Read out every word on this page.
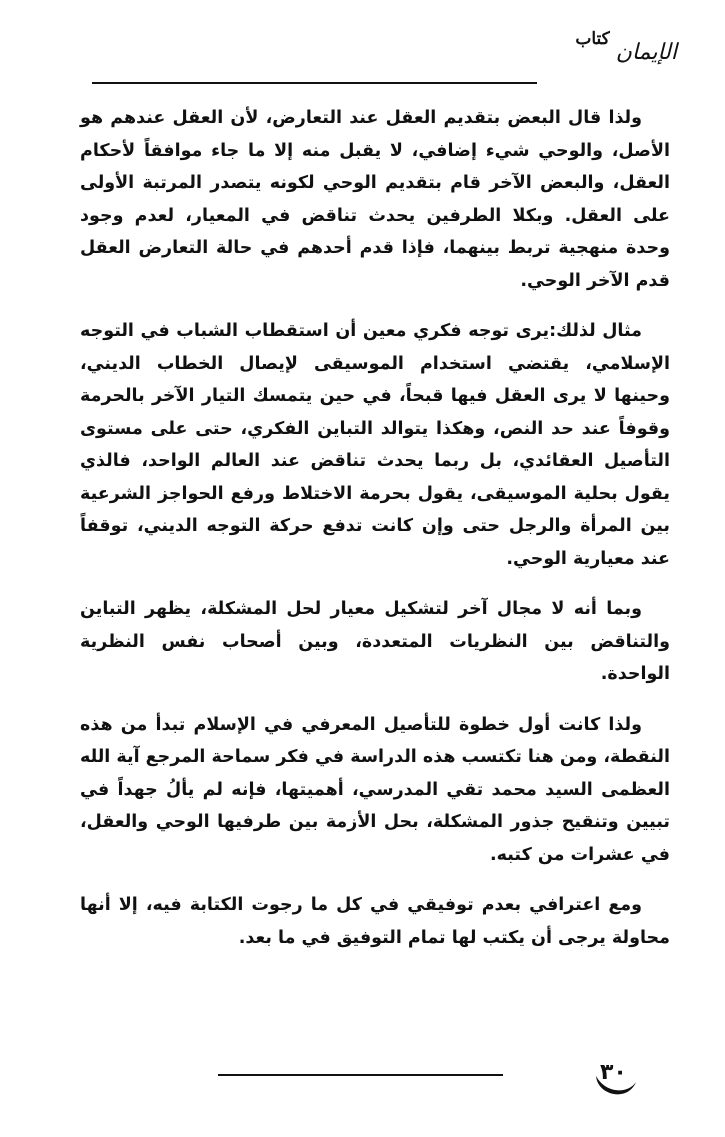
الإيمان
كتاب

ولذا قال البعض بتقديم العقل عند التعارض، لأن العقل عندهم هو الأصل، والوحي شيء إضافي، لا يقبل منه إلا ما جاء موافقاً لأحكام العقل، والبعض الآخر قام بتقديم الوحي لكونه يتصدر المرتبة الأولى على العقل. وبكلا الطرفين يحدث تناقض في المعيار، لعدم وجود وحدة منهجية تربط بينهما، فإذا قدم أحدهم في حالة التعارض العقل قدم الآخر الوحي.

مثال لذلك:يرى توجه فكري معين أن استقطاب الشباب في التوجه الإسلامي، يقتضي استخدام الموسيقى لإيصال الخطاب الديني، وحينها لا يرى العقل فيها قبحاً، في حين يتمسك التيار الآخر بالحرمة وقوفاً عند حد النص، وهكذا يتوالد التباين الفكري، حتى على مستوى التأصيل العقائدي، بل ربما يحدث تناقض عند العالم الواحد، فالذي يقول بحلية الموسيقى، يقول بحرمة الاختلاط ورفع الحواجز الشرعية بين المرأة والرجل حتى وإن كانت تدفع حركة التوجه الديني، توقفاً عند معيارية الوحي.

وبما أنه لا مجال آخر لتشكيل معيار لحل المشكلة، يظهر التباين والتناقض بين النظريات المتعددة، وبين أصحاب نفس النظرية الواحدة.

ولذا كانت أول خطوة للتأصيل المعرفي في الإسلام تبدأ من هذه النقطة، ومن هنا تكتسب هذه الدراسة في فكر سماحة المرجع آية الله العظمى السيد محمد تقي المدرسي، أهميتها، فإنه لم يألُ جهداً في تبيين وتنقيح جذور المشكلة، بحل الأزمة بين طرفيها الوحي والعقل، في عشرات من كتبه.

ومع اعترافي بعدم توفيقي في كل ما رجوت الكتابة فيه، إلا أنها محاولة يرجى أن يكتب لها تمام التوفيق في ما بعد.

٣٠
